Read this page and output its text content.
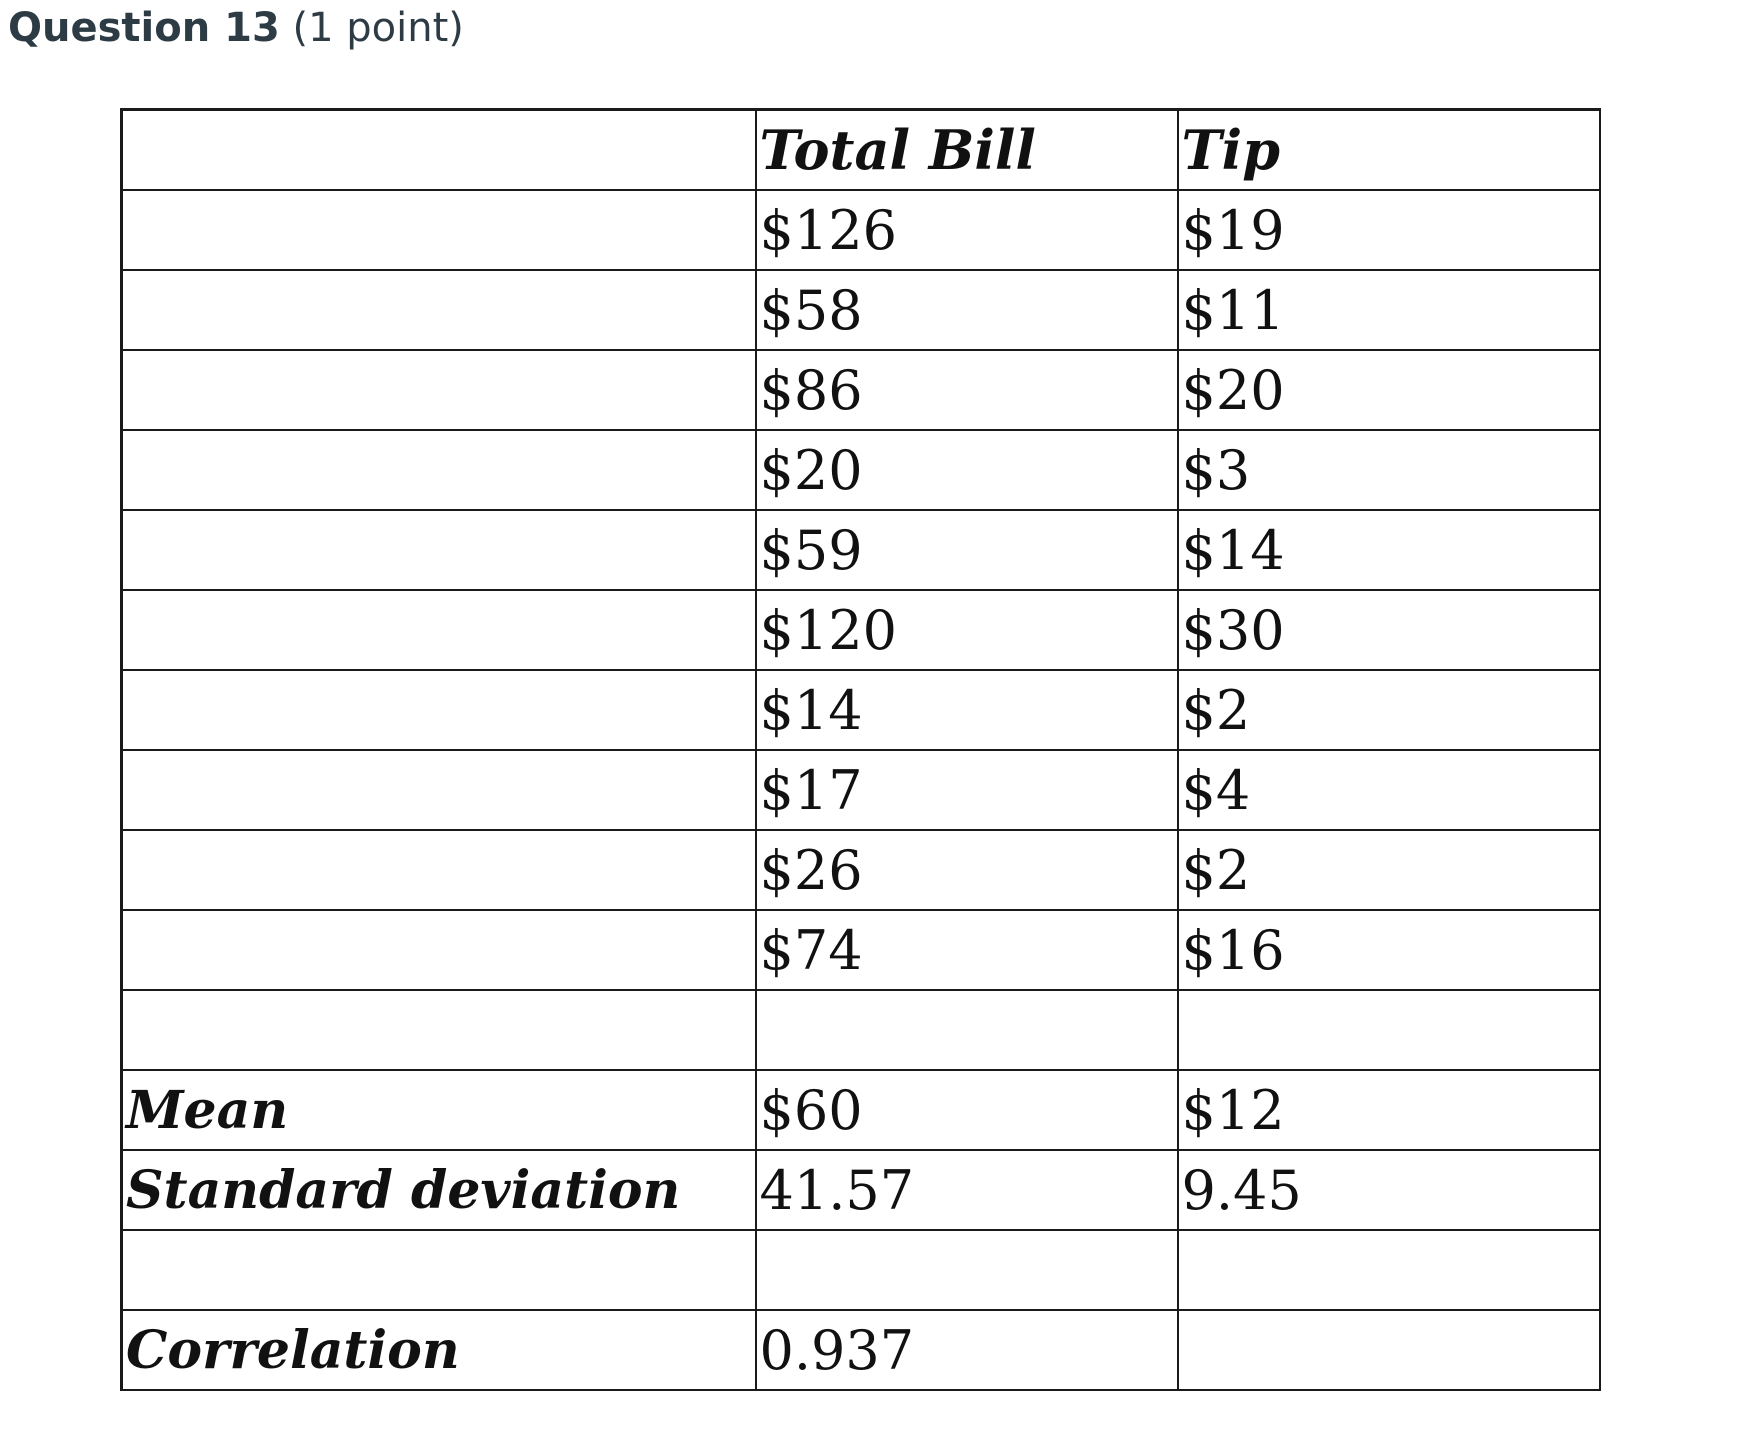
Question 13 (1 point)
	Total Bill	Tip
	$126	$19
	$58	$11
	$86	$20
	$20	$3
	$59	$14
	$120	$30
	$14	$2
	$17	$4
	$26	$2
	$74	$16

Mean	$60	$12
Standard deviation	41.57	9.45

Correlation	0.937	
